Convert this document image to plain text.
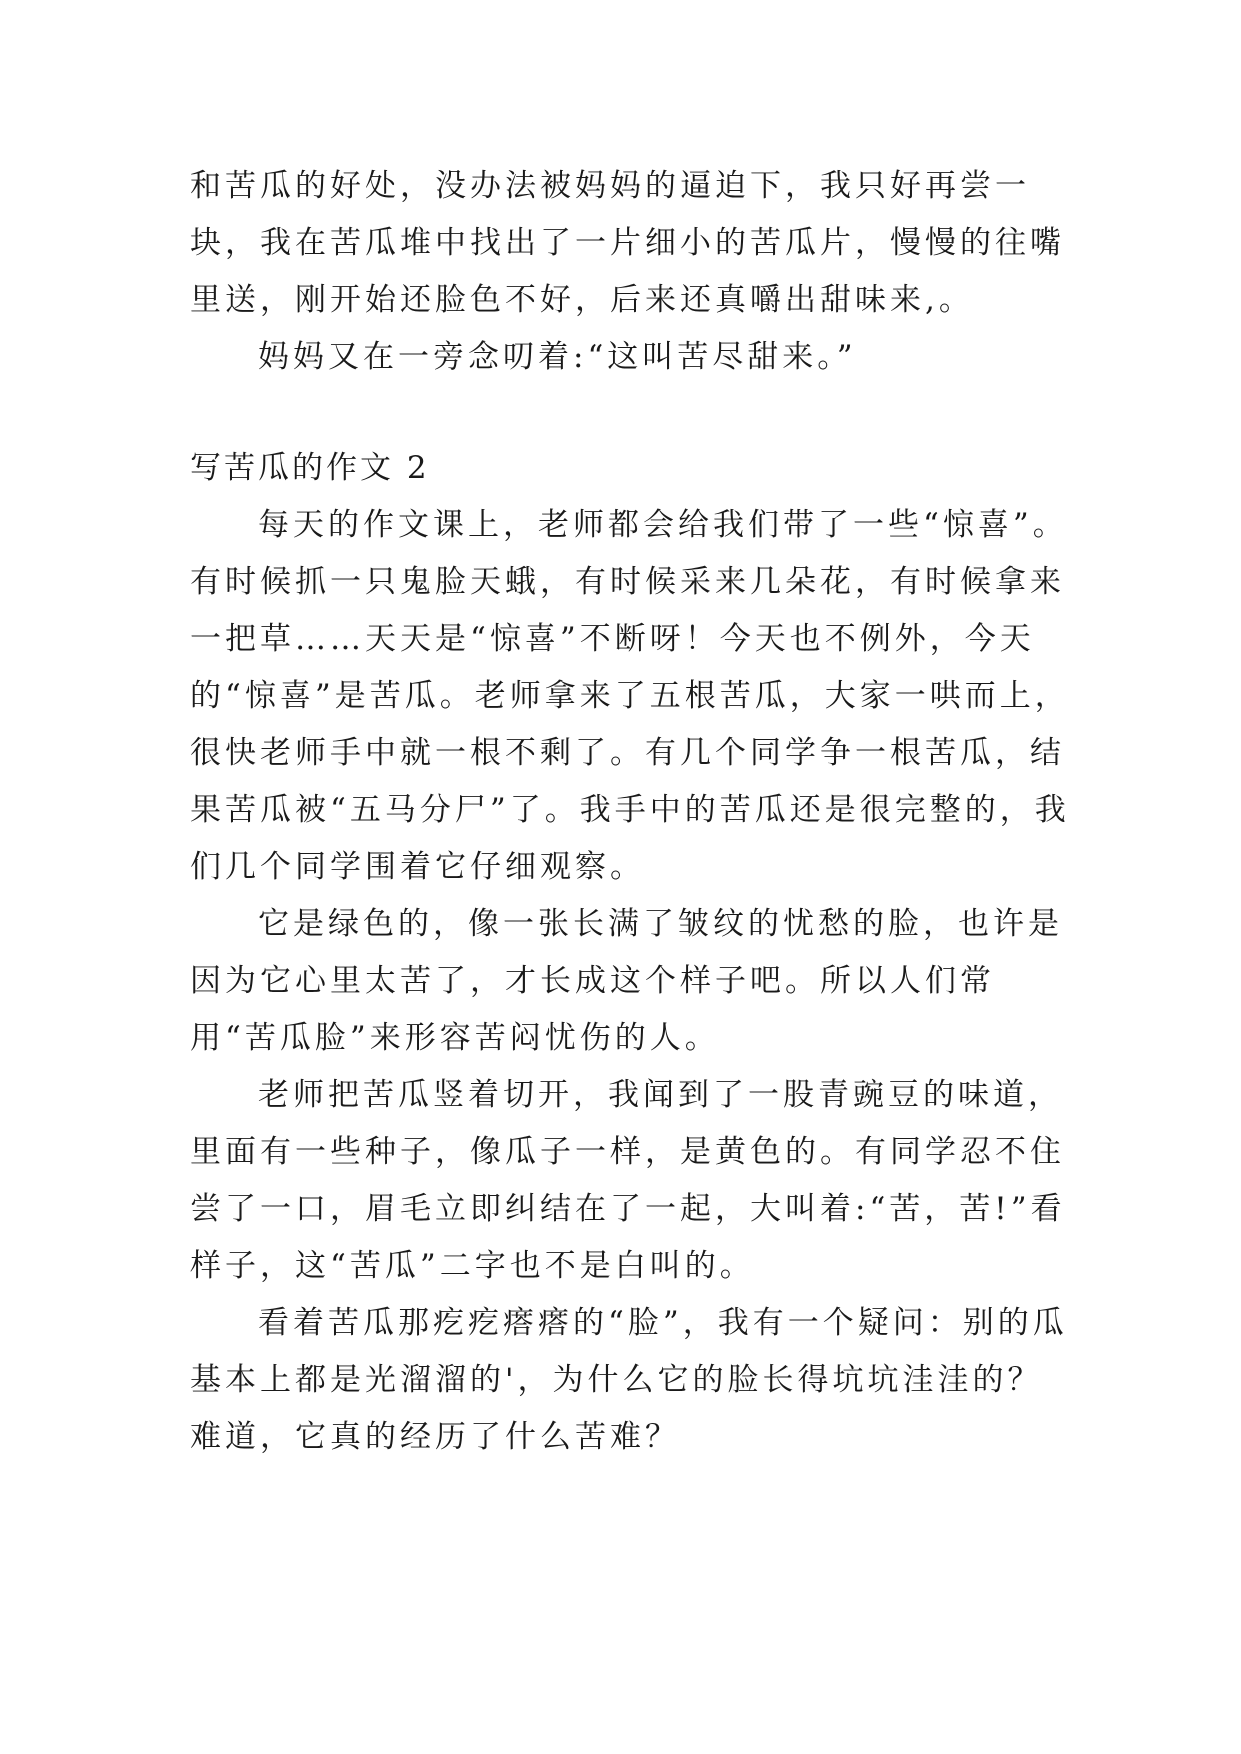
和苦瓜的好处，没办法被妈妈的逼迫下，我只好再尝一块，我在苦瓜堆中找出了一片细小的苦瓜片，慢慢的往嘴里送，刚开始还脸色不好，后来还真嚼出甜味来,。

妈妈又在一旁念叨着:“这叫苦尽甜来。”

写苦瓜的作文 2

每天的作文课上，老师都会给我们带了一些“惊喜”。有时候抓一只鬼脸天蛾，有时候采来几朵花，有时候拿来一把草……天天是“惊喜”不断呀！今天也不例外，今天的“惊喜”是苦瓜。老师拿来了五根苦瓜，大家一哄而上，很快老师手中就一根不剩了。有几个同学争一根苦瓜，结果苦瓜被“五马分尸”了。我手中的苦瓜还是很完整的，我们几个同学围着它仔细观察。

它是绿色的，像一张长满了皱纹的忧愁的脸，也许是因为它心里太苦了，才长成这个样子吧。所以人们常用“苦瓜脸”来形容苦闷忧伤的人。

老师把苦瓜竖着切开，我闻到了一股青豌豆的味道，里面有一些种子，像瓜子一样，是黄色的。有同学忍不住尝了一口，眉毛立即纠结在了一起，大叫着:“苦，苦!”看样子，这“苦瓜”二字也不是白叫的。

看着苦瓜那疙疙瘩瘩的“脸”，我有一个疑问：别的瓜基本上都是光溜溜的'，为什么它的脸长得坑坑洼洼的？难道，它真的经历了什么苦难？
